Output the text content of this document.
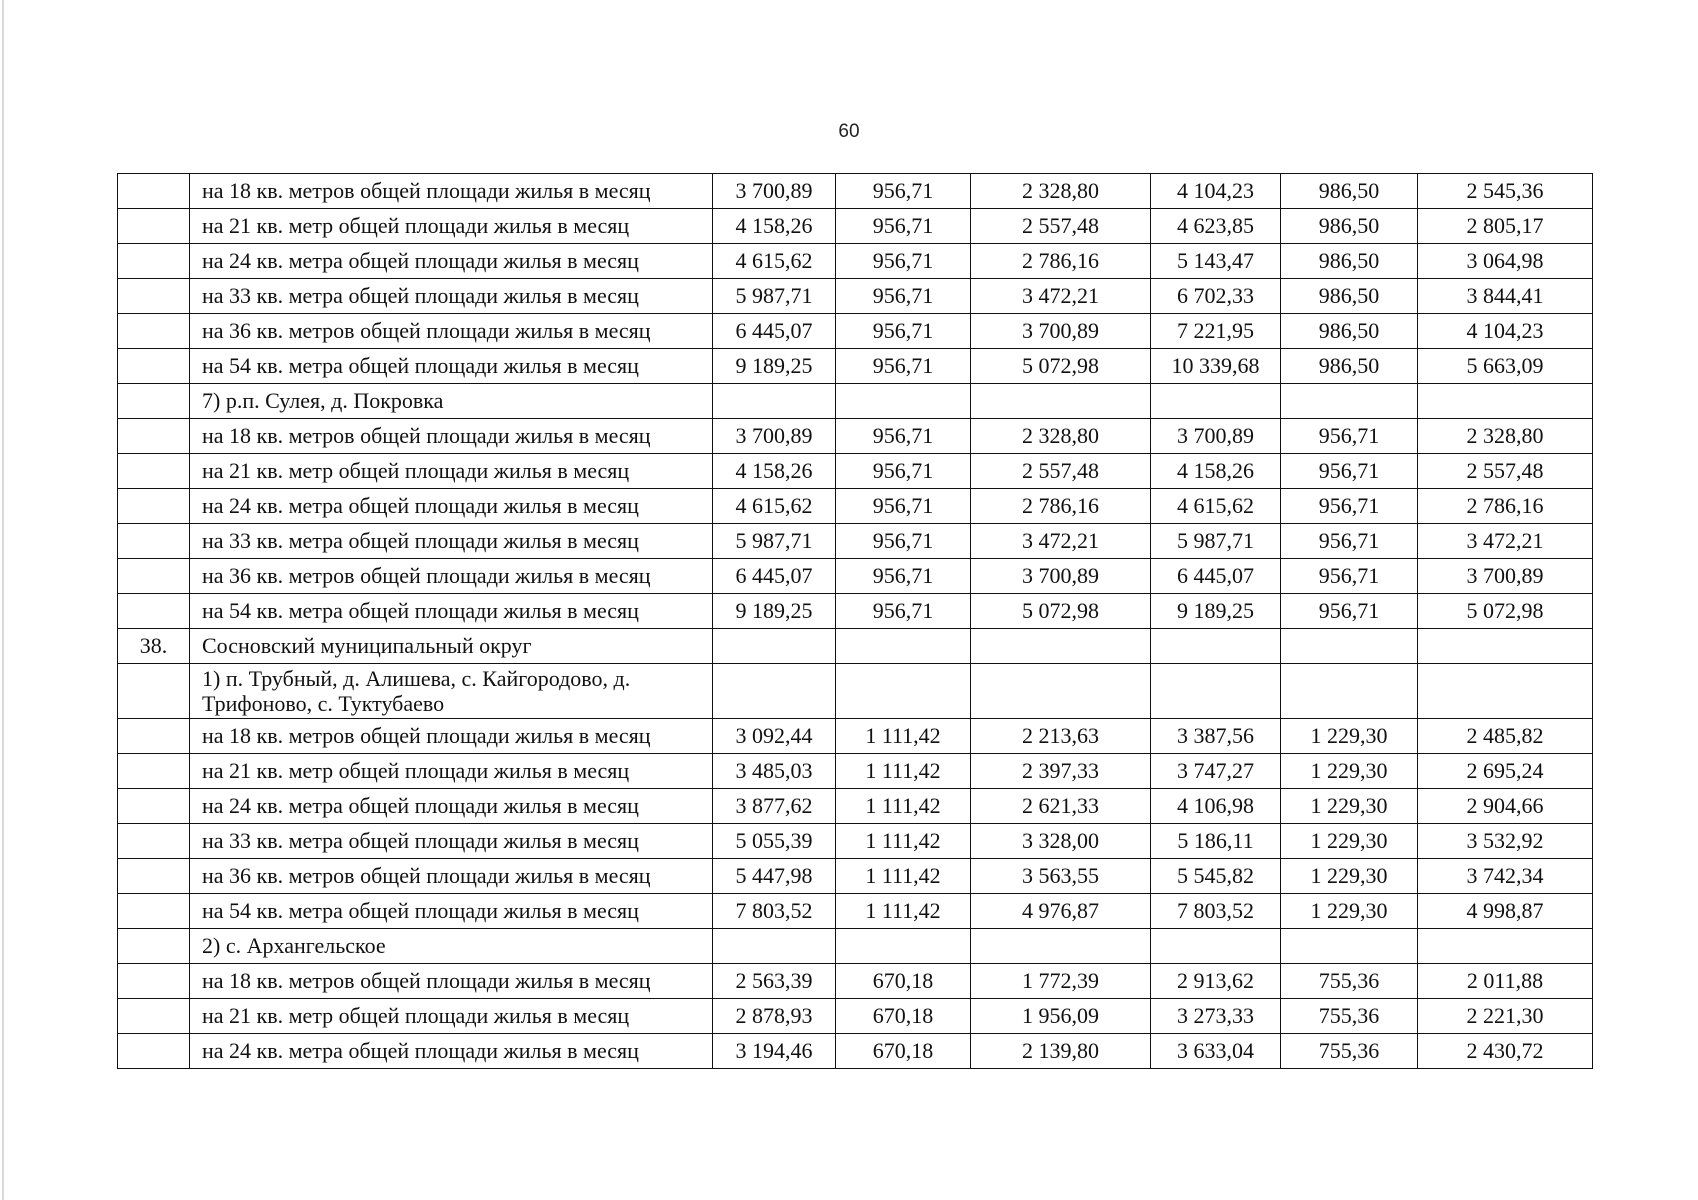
60
	на 18 кв. метров общей площади жилья в месяц	3 700,89	956,71	2 328,80	4 104,23	986,50	2 545,36
	на 21 кв. метр общей площади жилья в месяц	4 158,26	956,71	2 557,48	4 623,85	986,50	2 805,17
	на 24 кв. метра общей площади жилья в месяц	4 615,62	956,71	2 786,16	5 143,47	986,50	3 064,98
	на 33 кв. метра общей площади жилья в месяц	5 987,71	956,71	3 472,21	6 702,33	986,50	3 844,41
	на 36 кв. метров общей площади жилья в месяц	6 445,07	956,71	3 700,89	7 221,95	986,50	4 104,23
	на 54 кв. метра общей площади жилья в месяц	9 189,25	956,71	5 072,98	10 339,68	986,50	5 663,09
	7) р.п. Сулея, д. Покровка						
	на 18 кв. метров общей площади жилья в месяц	3 700,89	956,71	2 328,80	3 700,89	956,71	2 328,80
	на 21 кв. метр общей площади жилья в месяц	4 158,26	956,71	2 557,48	4 158,26	956,71	2 557,48
	на 24 кв. метра общей площади жилья в месяц	4 615,62	956,71	2 786,16	4 615,62	956,71	2 786,16
	на 33 кв. метра общей площади жилья в месяц	5 987,71	956,71	3 472,21	5 987,71	956,71	3 472,21
	на 36 кв. метров общей площади жилья в месяц	6 445,07	956,71	3 700,89	6 445,07	956,71	3 700,89
	на 54 кв. метра общей площади жилья в месяц	9 189,25	956,71	5 072,98	9 189,25	956,71	5 072,98
38.	Сосновский муниципальный округ						
	1) п. Трубный, д. Алишева, с. Кайгородово, д. Трифоново, с. Туктубаево						
	на 18 кв. метров общей площади жилья в месяц	3 092,44	1 111,42	2 213,63	3 387,56	1 229,30	2 485,82
	на 21 кв. метр общей площади жилья в месяц	3 485,03	1 111,42	2 397,33	3 747,27	1 229,30	2 695,24
	на 24 кв. метра общей площади жилья в месяц	3 877,62	1 111,42	2 621,33	4 106,98	1 229,30	2 904,66
	на 33 кв. метра общей площади жилья в месяц	5 055,39	1 111,42	3 328,00	5 186,11	1 229,30	3 532,92
	на 36 кв. метров общей площади жилья в месяц	5 447,98	1 111,42	3 563,55	5 545,82	1 229,30	3 742,34
	на 54 кв. метра общей площади жилья в месяц	7 803,52	1 111,42	4 976,87	7 803,52	1 229,30	4 998,87
	2) с. Архангельское						
	на 18 кв. метров общей площади жилья в месяц	2 563,39	670,18	1 772,39	2 913,62	755,36	2 011,88
	на 21 кв. метр общей площади жилья в месяц	2 878,93	670,18	1 956,09	3 273,33	755,36	2 221,30
	на 24 кв. метра общей площади жилья в месяц	3 194,46	670,18	2 139,80	3 633,04	755,36	2 430,72
